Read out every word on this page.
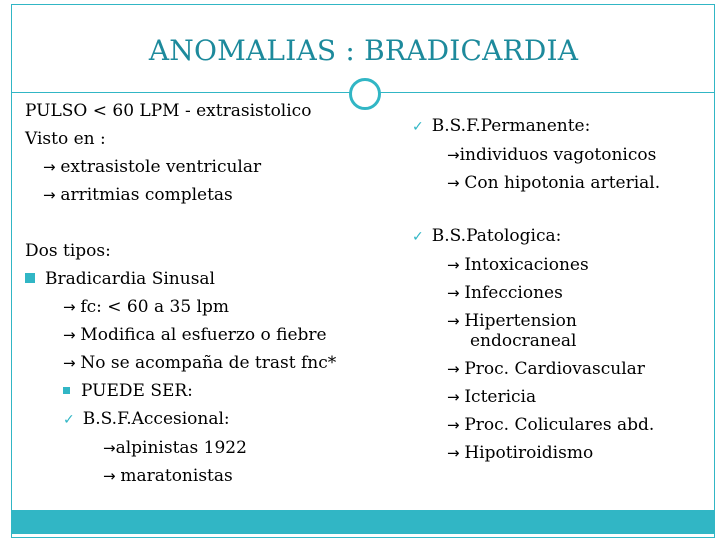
ANOMALIAS : BRADICARDIA
PULSO < 60 LPM - extrasistolico
Visto en :
→ extrasistole ventricular
→ arritmias completas
Dos tipos:
Bradicardia Sinusal
→ fc: < 60 a 35 lpm
→ Modifica al esfuerzo o fiebre
→ No se acompaña de trast fnc*
PUEDE SER:
✓ B.S.F.Accesional:
→alpinistas 1922
→ maratonistas
✓ B.S.F.Permanente:
→individuos vagotonicos
→ Con hipotonia arterial.
✓ B.S.Patologica:
→ Intoxicaciones
→ Infecciones
→ Hipertension
endocraneal
→ Proc. Cardiovascular
→ Ictericia
→ Proc. Coliculares abd.
→ Hipotiroidismo
